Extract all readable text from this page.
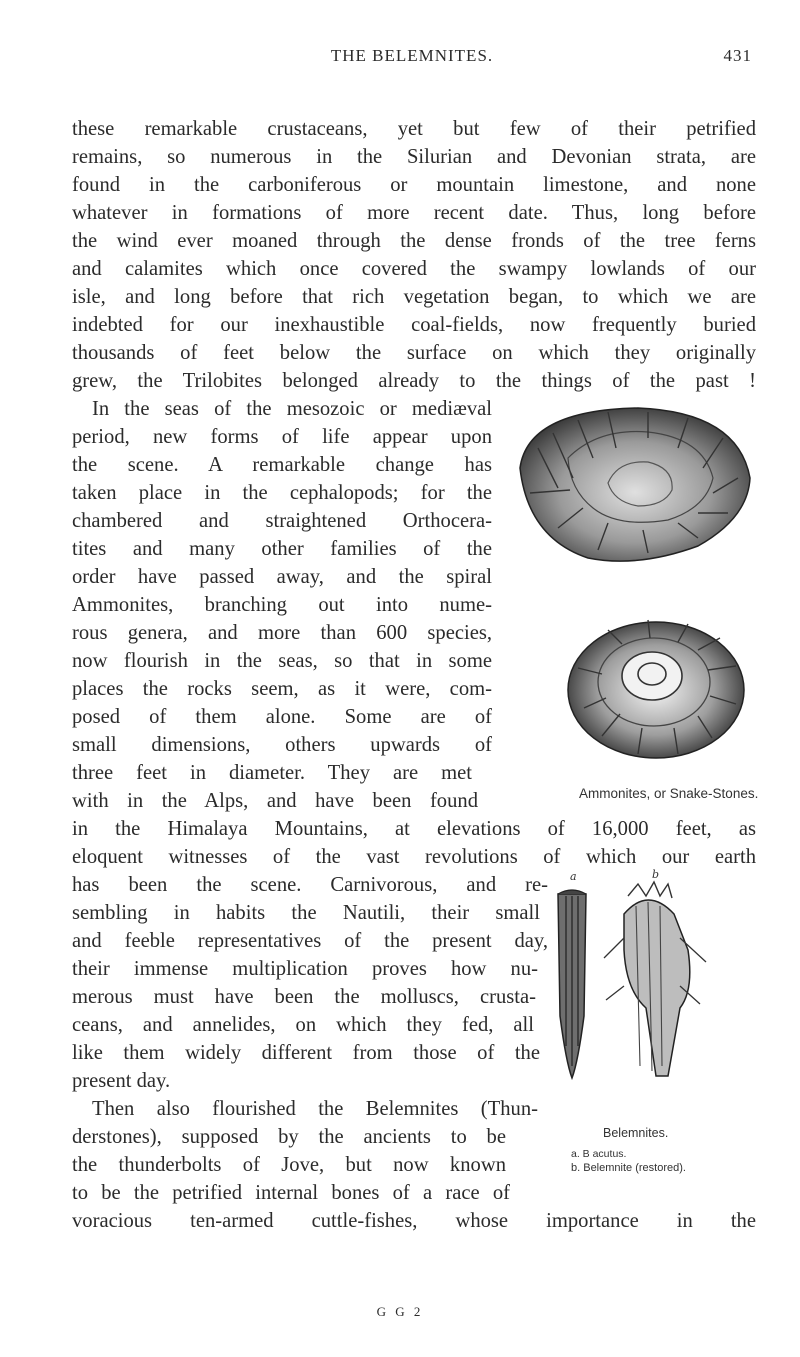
THE BELEMNITES.	431
these remarkable crustaceans, yet but few of their petrified
remains, so numerous in the Silurian and Devonian strata, are
found in the carboniferous or mountain limestone, and none
whatever in formations of more recent date. Thus, long before
the wind ever moaned through the dense fronds of the tree ferns
and calamites which once covered the swampy lowlands of our
isle, and long before that rich vegetation began, to which we are
indebted for our inexhaustible coal-fields, now frequently buried
thousands of feet below the surface on which they originally
grew, the Trilobites belonged already to the things of the past !
In the seas of the mesozoic or mediæval
period, new forms of life appear upon
the scene. A remarkable change has
taken place in the cephalopods; for the
chambered and straightened Orthocera-
tites and many other families of the
order have passed away, and the spiral
Ammonites, branching out into nume-
rous genera, and more than 600 species,
now flourish in the seas, so that in some
places the rocks seem, as it were, com-
posed of them alone. Some are of
small dimensions, others upwards of
three feet in diameter. They are met
with in the Alps, and have been found
in the Himalaya Mountains, at elevations of 16,000 feet, as
eloquent witnesses of the vast revolutions of which our earth
has been the scene. Carnivorous, and re-
sembling in habits the Nautili, their small
and feeble representatives of the present day,
their immense multiplication proves how nu-
merous must have been the molluscs, crusta-
ceans, and annelides, on which they fed, all
like them widely different from those of the
present day.
Then also flourished the Belemnites (Thun-
derstones), supposed by the ancients to be
the thunderbolts of Jove, but now known
to be the petrified internal bones of a race of
voracious ten-armed cuttle-fishes, whose importance in the
Ammonites, or Snake-Stones.
a	b
Belemnites.
a. B acutus.
b. Belemnite (restored).
G G 2
